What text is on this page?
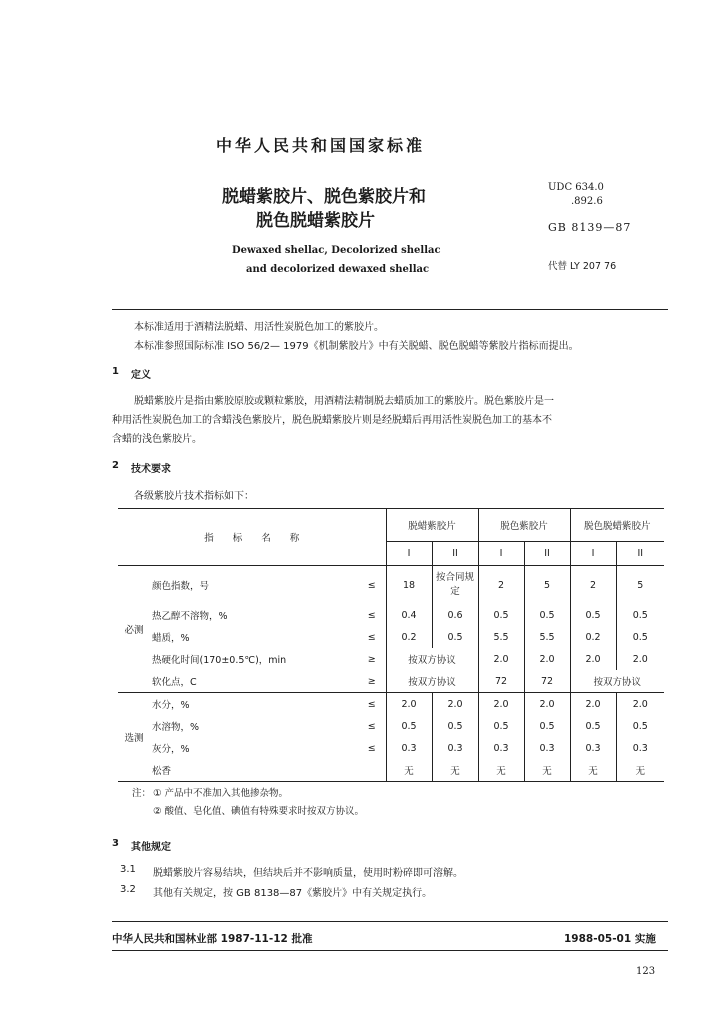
中华人民共和国国家标准
脱蜡紫胶片、脱色紫胶片和
脱色脱蜡紫胶片
Dewaxed shellac, Decolorized shellac
and decolorized dewaxed shellac
UDC 634.0
.892.6
GB 8139—87
代替 LY 207 76
本标准适用于酒精法脱蜡、用活性炭脱色加工的紫胶片。
本标准参照国际标准 ISO 56/2— 1979《机制紫胶片》中有关脱蜡、脱色脱蜡等紫胶片指标而提出。
1 定义
脱蜡紫胶片是指由紫胶原胶或颗粒紫胶，用酒精法精制脱去蜡质加工的紫胶片。脱色紫胶片是一
种用活性炭脱色加工的含蜡浅色紫胶片，脱色脱蜡紫胶片则是经脱蜡后再用活性炭脱色加工的基本不
含蜡的浅色紫胶片。
2 技术要求
各级紫胶片技术指标如下：
指　　标　　名　　称			脱蜡紫胶片		脱色紫胶片		脱色脱蜡紫胶片	
			I	II	I	II	I	II
必测	颜色指数，号	≤	18	按合同规定	2	5	2	5
	热乙醇不溶物，%	≤	0.4	0.6	0.5	0.5	0.5	0.5
	蜡质，%	≤	0.2	0.5	5.5	5.5	0.2	0.5
	热硬化时间(170±0.5℃)，min	≥	按双方协议		2.0	2.0	2.0	2.0
	软化点，C	≥	按双方协议		72	72	按双方协议	
选测	水分，%	≤	2.0	2.0	2.0	2.0	2.0	2.0
	水溶物，%	≤	0.5	0.5	0.5	0.5	0.5	0.5
	灰分，%	≤	0.3	0.3	0.3	0.3	0.3	0.3
	松香		无	无	无	无	无	无
注： ① 产品中不准加入其他掺杂物。
② 酸值、皂化值、碘值有特殊要求时按双方协议。
3 其他规定
3.1 脱蜡紫胶片容易结块，但结块后并不影响质量，使用时粉碎即可溶解。
3.2 其他有关规定，按 GB 8138—87《紫胶片》中有关规定执行。
中华人民共和国林业部 1987-11-12 批准	1988-05-01 实施
123
